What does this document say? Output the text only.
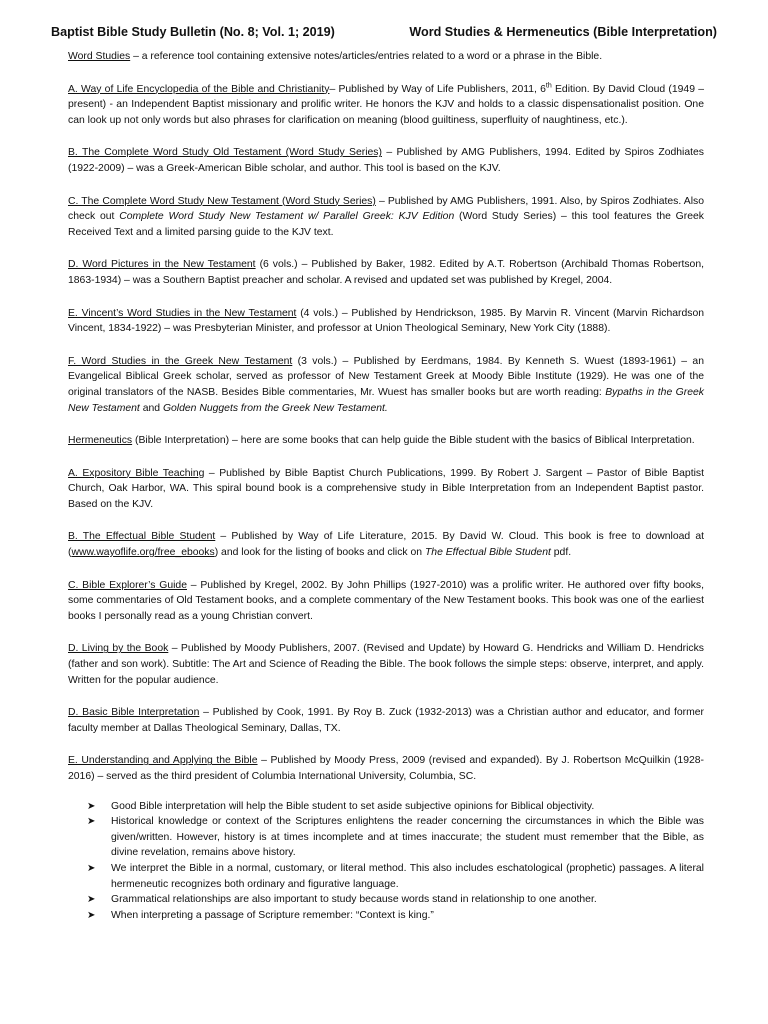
Baptist Bible Study Bulletin (No. 8; Vol. 1; 2019)	Word Studies & Hermeneutics (Bible Interpretation)

Word Studies – a reference tool containing extensive notes/articles/entries related to a word or a phrase in the Bible.

A. Way of Life Encyclopedia of the Bible and Christianity– Published by Way of Life Publishers, 2011, 6th Edition. By David Cloud (1949 – present) - an Independent Baptist missionary and prolific writer. He honors the KJV and holds to a classic dispensationalist position. One can look up not only words but also phrases for clarification on meaning (blood guiltiness, superfluity of naughtiness, etc.).

B. The Complete Word Study Old Testament (Word Study Series) – Published by AMG Publishers, 1994. Edited by Spiros Zodhiates (1922-2009) – was a Greek-American Bible scholar, and author. This tool is based on the KJV.

C. The Complete Word Study New Testament (Word Study Series) – Published by AMG Publishers, 1991. Also, by Spiros Zodhiates. Also check out Complete Word Study New Testament w/ Parallel Greek: KJV Edition (Word Study Series) – this tool features the Greek Received Text and a limited parsing guide to the KJV text.

D. Word Pictures in the New Testament (6 vols.) – Published by Baker, 1982. Edited by A.T. Robertson (Archibald Thomas Robertson, 1863-1934) – was a Southern Baptist preacher and scholar. A revised and updated set was published by Kregel, 2004.

E. Vincent’s Word Studies in the New Testament (4 vols.) – Published by Hendrickson, 1985. By Marvin R. Vincent (Marvin Richardson Vincent, 1834-1922) – was Presbyterian Minister, and professor at Union Theological Seminary, New York City (1888).

F. Word Studies in the Greek New Testament (3 vols.) – Published by Eerdmans, 1984. By Kenneth S. Wuest (1893-1961) – an Evangelical Biblical Greek scholar, served as professor of New Testament Greek at Moody Bible Institute (1929). He was one of the original translators of the NASB. Besides Bible commentaries, Mr. Wuest has smaller books but are worth reading: Bypaths in the Greek New Testament and Golden Nuggets from the Greek New Testament.

Hermeneutics (Bible Interpretation) – here are some books that can help guide the Bible student with the basics of Biblical Interpretation.

A. Expository Bible Teaching – Published by Bible Baptist Church Publications, 1999. By Robert J. Sargent – Pastor of Bible Baptist Church, Oak Harbor, WA. This spiral bound book is a comprehensive study in Bible Interpretation from an Independent Baptist pastor. Based on the KJV.

B. The Effectual Bible Student – Published by Way of Life Literature, 2015. By David W. Cloud. This book is free to download at (www.wayoflife.org/free_ebooks) and look for the listing of books and click on The Effectual Bible Student pdf.

C. Bible Explorer’s Guide – Published by Kregel, 2002. By John Phillips (1927-2010) was a prolific writer. He authored over fifty books, some commentaries of Old Testament books, and a complete commentary of the New Testament books. This book was one of the earliest books I personally read as a young Christian convert.

D. Living by the Book – Published by Moody Publishers, 2007. (Revised and Update) by Howard G. Hendricks and William D. Hendricks (father and son work). Subtitle: The Art and Science of Reading the Bible. The book follows the simple steps: observe, interpret, and apply. Written for the popular audience.

D. Basic Bible Interpretation – Published by Cook, 1991. By Roy B. Zuck (1932-2013) was a Christian author and educator, and former faculty member at Dallas Theological Seminary, Dallas, TX.

E. Understanding and Applying the Bible – Published by Moody Press, 2009 (revised and expanded). By J. Robertson McQuilkin (1928-2016) – served as the third president of Columbia International University, Columbia, SC.

➤ Good Bible interpretation will help the Bible student to set aside subjective opinions for Biblical objectivity.
➤ Historical knowledge or context of the Scriptures enlightens the reader concerning the circumstances in which the Bible was given/written. However, history is at times incomplete and at times inaccurate; the student must remember that the Bible, as divine revelation, remains above history.
➤ We interpret the Bible in a normal, customary, or literal method. This also includes eschatological (prophetic) passages. A literal hermeneutic recognizes both ordinary and figurative language.
➤ Grammatical relationships are also important to study because words stand in relationship to one another.
➤ When interpreting a passage of Scripture remember: “Context is king.”
